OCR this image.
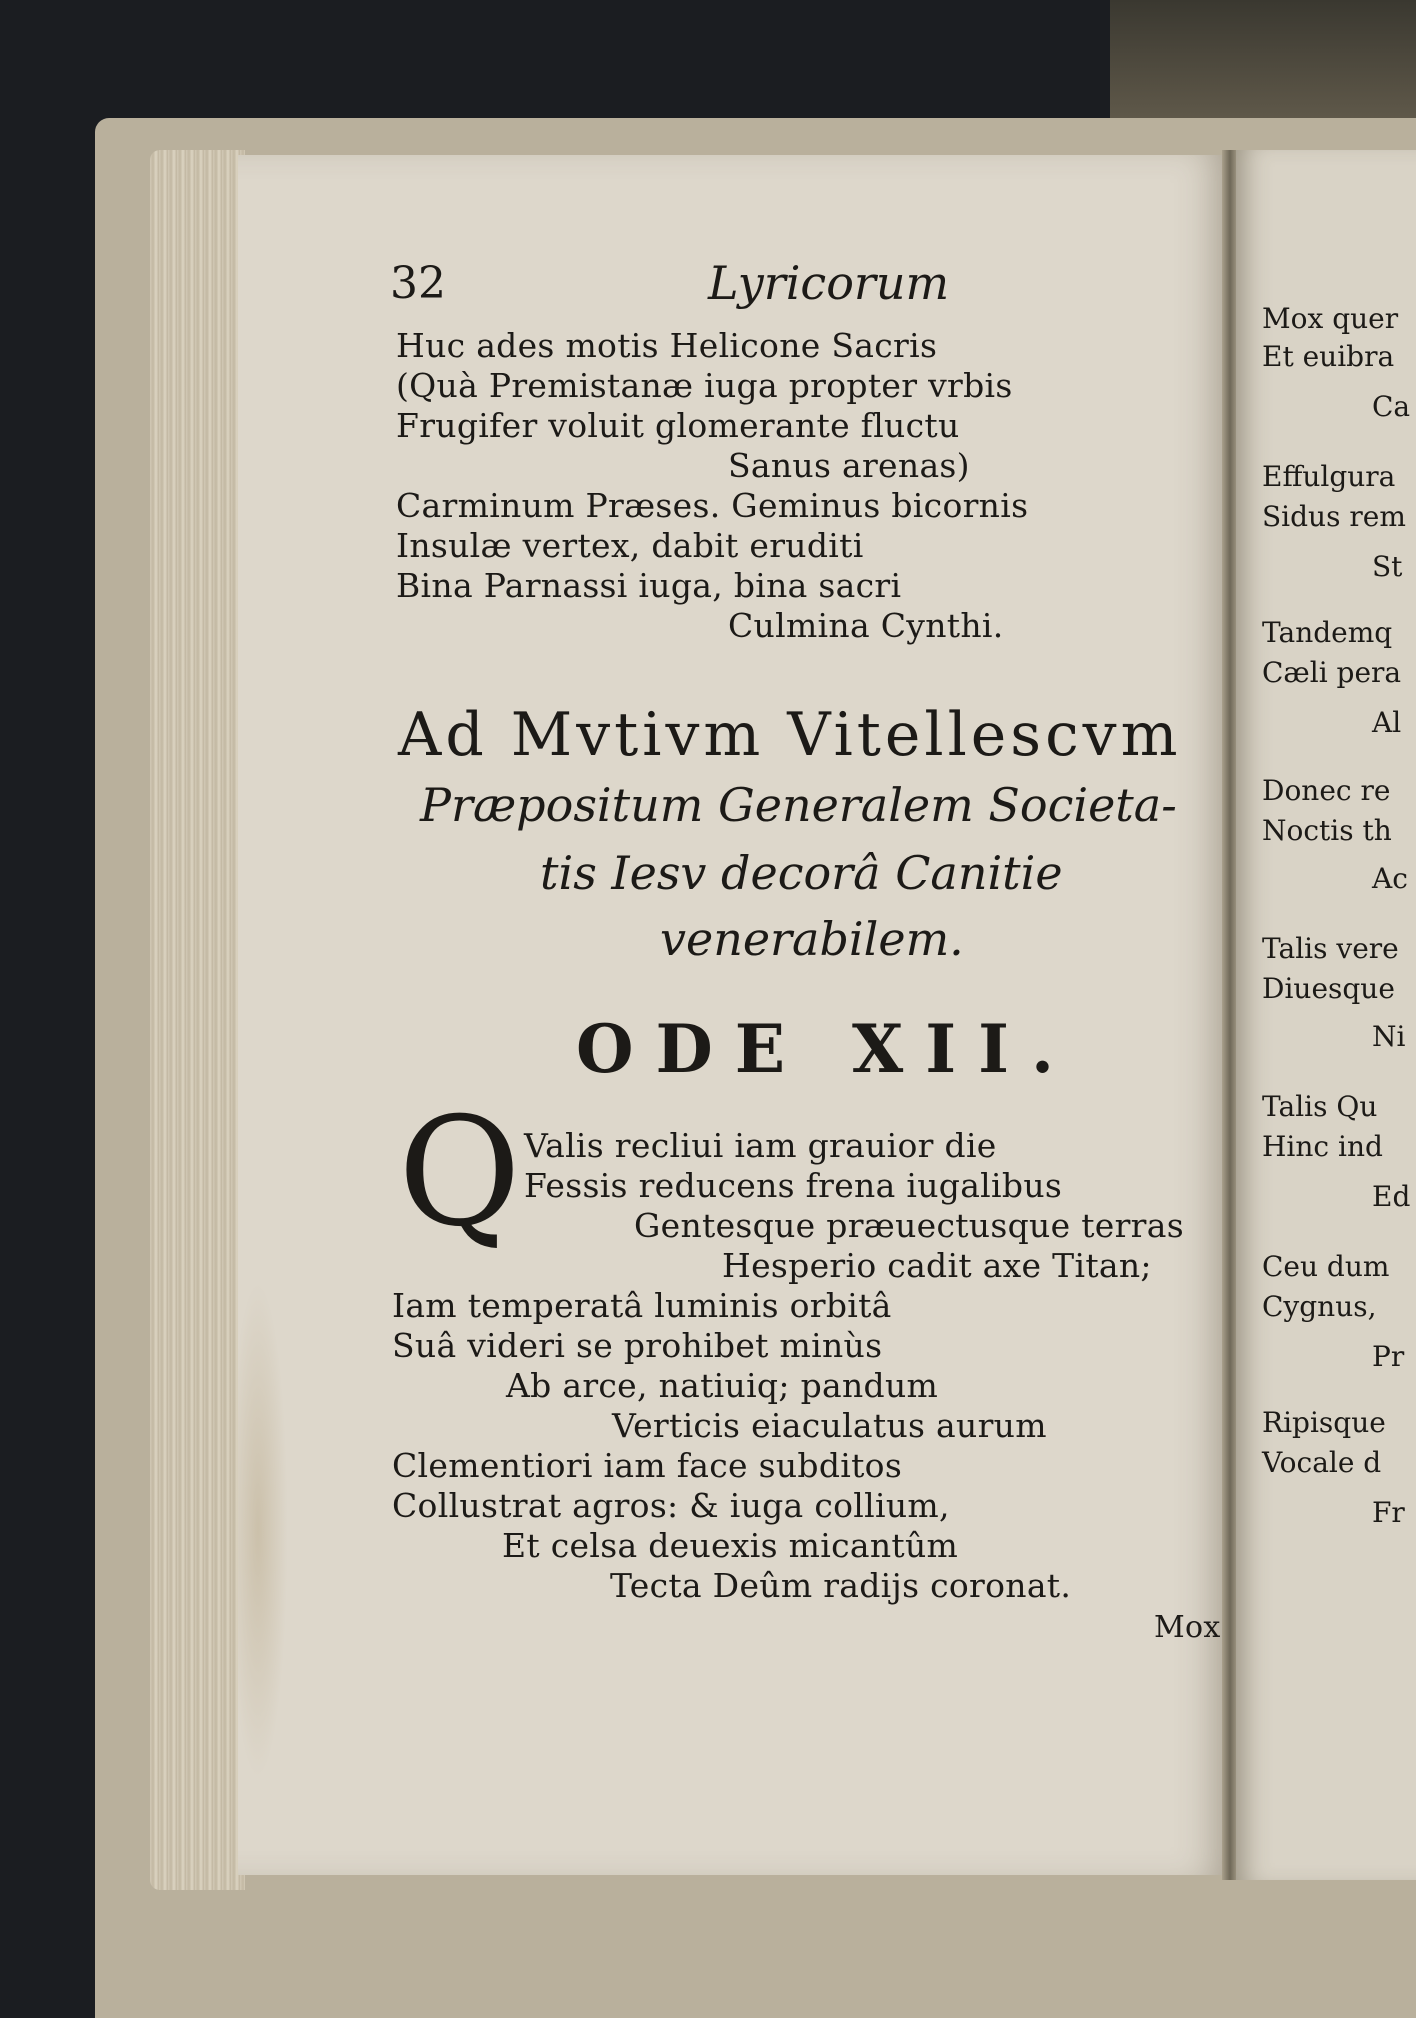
32	Lyricorum
Huc ades motis Helicone Sacris
(Quà Premistanæ iuga propter vrbis
Frugifer voluit glomerante fluctu
Sanus arenas)
Carminum Præses. Geminus bicornis
Insulæ vertex, dabit eruditi
Bina Parnassi iuga, bina sacri
Culmina Cynthi.
Ad Mvtivm Vitellescvm
Præpositum Generalem Societa-
tis Iesv decorâ Canitie
venerabilem.
ODE XII.
Q Valis recliui iam grauior die
Fessis reducens frena iugalibus
Gentesque præuectusque terras
Hesperio cadit axe Titan;
Iam temperatâ luminis orbitâ
Suâ videri se prohibet minùs
Ab arce, natiuiq; pandum
Verticis eiaculatus aurum
Clementiori iam face subditos
Collustrat agros: & iuga collium,
Et celsa deuexis micantûm
Tecta Deûm radijs coronat.
Mox
Mox quer
Et euibra
Ca
Effulgura
Sidus rem
St
Tandemq
Cæli pera
Al
Donec re
Noctis th
Ac
Talis vere
Diuesque
Ni
Talis Qu
Hinc ind
Ed
Ceu dum
Cygnus,
Pr
Ripisque
Vocale d
Fr
